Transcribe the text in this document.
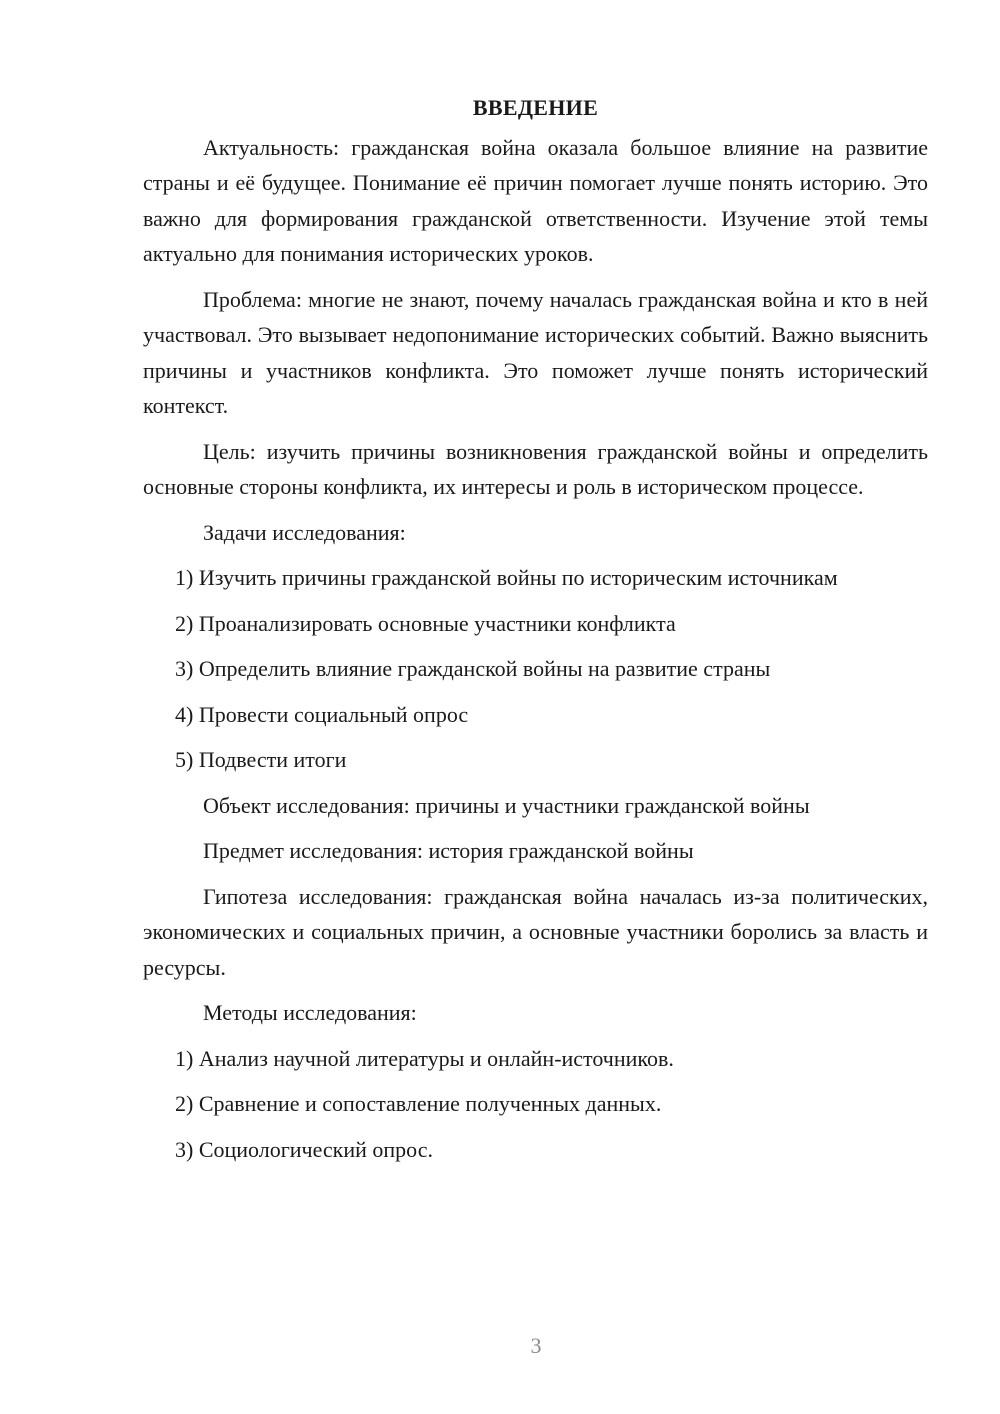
ВВЕДЕНИЕ
Актуальность: гражданская война оказала большое влияние на развитие страны и её будущее. Понимание её причин помогает лучше понять историю. Это важно для формирования гражданской ответственности. Изучение этой темы актуально для понимания исторических уроков.
Проблема: многие не знают, почему началась гражданская война и кто в ней участвовал. Это вызывает недопонимание исторических событий. Важно выяснить причины и участников конфликта. Это поможет лучше понять исторический контекст.
Цель: изучить причины возникновения гражданской войны и определить основные стороны конфликта, их интересы и роль в историческом процессе.
Задачи исследования:
1) Изучить причины гражданской войны по историческим источникам
2) Проанализировать основные участники конфликта
3) Определить влияние гражданской войны на развитие страны
4) Провести социальный опрос
5) Подвести итоги
Объект исследования: причины и участники гражданской войны
Предмет исследования: история гражданской войны
Гипотеза исследования: гражданская война началась из-за политических, экономических и социальных причин, а основные участники боролись за власть и ресурсы.
Методы исследования:
1) Анализ научной литературы и онлайн-источников.
2) Сравнение и сопоставление полученных данных.
3) Социологический опрос.
3
